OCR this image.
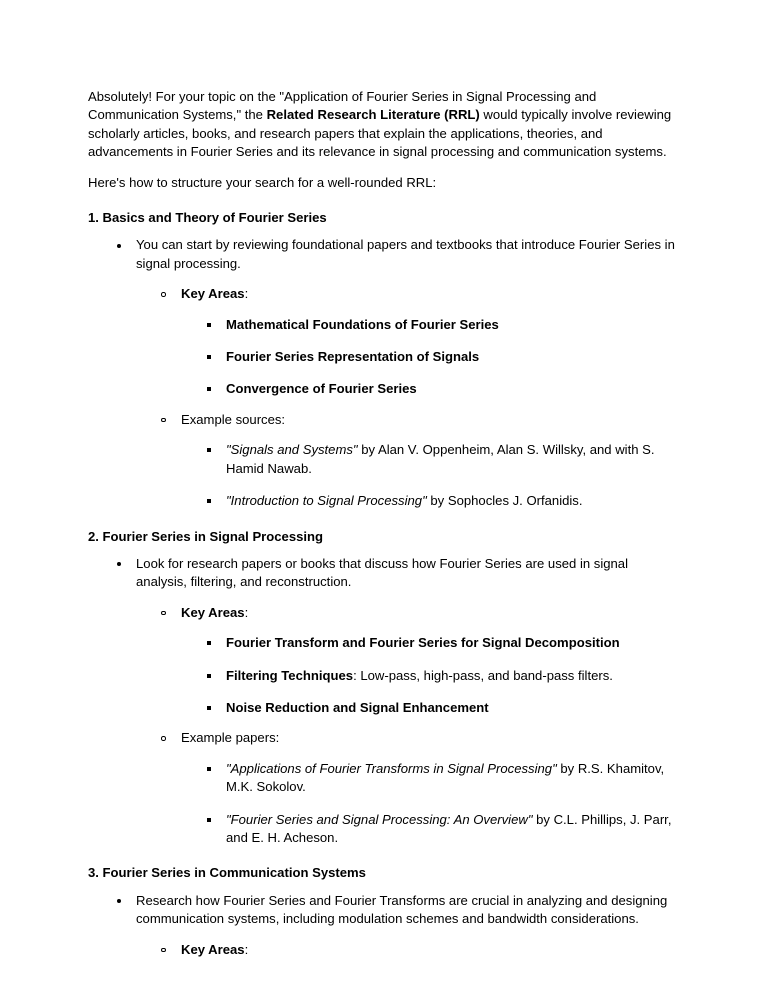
Absolutely! For your topic on the "Application of Fourier Series in Signal Processing and Communication Systems," the Related Research Literature (RRL) would typically involve reviewing scholarly articles, books, and research papers that explain the applications, theories, and advancements in Fourier Series and its relevance in signal processing and communication systems.

Here's how to structure your search for a well-rounded RRL:

1. Basics and Theory of Fourier Series
You can start by reviewing foundational papers and textbooks that introduce Fourier Series in signal processing.
Key Areas:
Mathematical Foundations of Fourier Series
Fourier Series Representation of Signals
Convergence of Fourier Series
Example sources:
"Signals and Systems" by Alan V. Oppenheim, Alan S. Willsky, and with S. Hamid Nawab.
"Introduction to Signal Processing" by Sophocles J. Orfanidis.
2. Fourier Series in Signal Processing
Look for research papers or books that discuss how Fourier Series are used in signal analysis, filtering, and reconstruction.
Key Areas:
Fourier Transform and Fourier Series for Signal Decomposition
Filtering Techniques: Low-pass, high-pass, and band-pass filters.
Noise Reduction and Signal Enhancement
Example papers:
"Applications of Fourier Transforms in Signal Processing" by R.S. Khamitov, M.K. Sokolov.
"Fourier Series and Signal Processing: An Overview" by C.L. Phillips, J. Parr, and E. H. Acheson.
3. Fourier Series in Communication Systems
Research how Fourier Series and Fourier Transforms are crucial in analyzing and designing communication systems, including modulation schemes and bandwidth considerations.
Key Areas:
